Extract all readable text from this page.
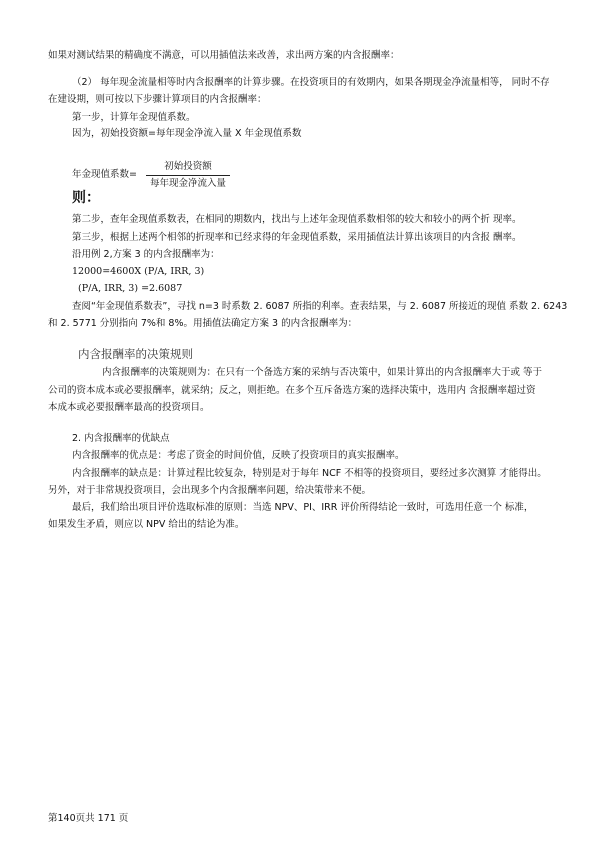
如果对测试结果的精确度不满意，可以用插值法来改善，求出两方案的内含报酬率：
（2） 每年现金流量相等时内含报酬率的计算步骤。在投资项目的有效期内，如果各期现金净流量相等， 同时不存
在建设期，则可按以下步骤计算项目的内含报酬率：
第一步，计算年金现值系数。
因为，初始投资额=每年现金净流入量 X 年金现值系数
年金现值系数=
初始投资额
每年现金净流入量
则：
第二步，查年金现值系数表，在相同的期数内，找出与上述年金现值系数相邻的较大和较小的两个折 现率。
第三步，根据上述两个相邻的折现率和已经求得的年金现值系数，采用插值法计算出该项目的内含报 酬率。
沿用例 2,方案 3 的内含报酬率为：
12000=4600X (P/A, IRR, 3)
(P/A, IRR, 3) =2.6087
查阅“年金现值系数表”，寻找 n=3 时系数 2. 6087 所指的利率。查表结果，与 2. 6087 所接近的现值 系数 2. 6243
和 2. 5771 分别指向 7%和 8%。用插值法确定方案 3 的内含报酬率为：
内含报酬率的决策规则
内含报酬率的决策规则为：在只有一个备选方案的采纳与否决策中，如果计算出的内含报酬率大于或 等于
公司的资本成本或必要报酬率，就采纳；反之，则拒绝。在多个互斥备选方案的选择决策中，选用内 含报酬率超过资
本成本或必要报酬率最高的投资项目。
2. 内含报酬率的优缺点
内含报酬率的优点是：考虑了资金的时间价值，反映了投资项目的真实报酬率。
内含报酬率的缺点是：计算过程比较复杂，特别是对于每年 NCF 不相等的投资项目，要经过多次测算 才能得出。
另外，对于非常规投资项目，会出现多个内含报酬率问题，给决策带来不便。
最后，我们给出项目评价选取标准的原则：当选 NPV、PI、IRR 评价所得结论一致时，可选用任意一个 标准，
如果发生矛盾，则应以 NPV 给出的结论为准。
第140页共 171 页
